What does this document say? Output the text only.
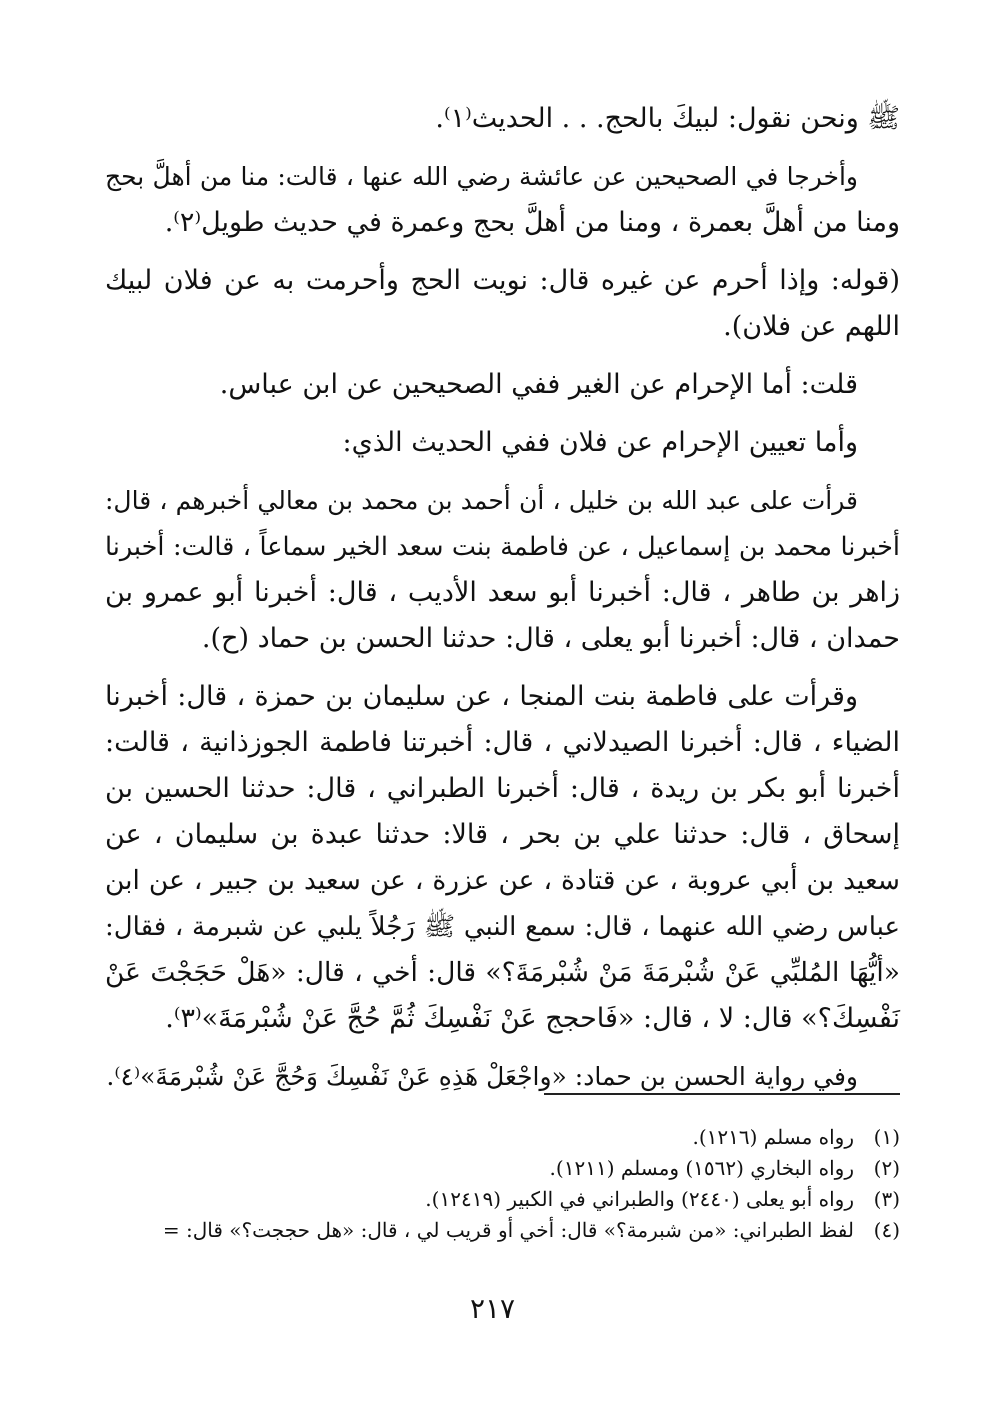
ﷺ ونحن نقول: لبيكَ بالحج. . . الحديث⁽١⁾.
وأخرجا في الصحيحين عن عائشة رضي الله عنها ، قالت: منا من أهلَّ بحج
ومنا من أهلَّ بعمرة ، ومنا من أهلَّ بحج وعمرة في حديث طويل⁽٢⁾.
(قوله: وإذا أحرم عن غيره قال: نويت الحج وأحرمت به عن فلان لبيك
اللهم عن فلان).
قلت: أما الإحرام عن الغير ففي الصحيحين عن ابن عباس.
وأما تعيين الإحرام عن فلان ففي الحديث الذي:
قرأت على عبد الله بن خليل ، أن أحمد بن محمد بن معالي أخبرهم ، قال:
أخبرنا محمد بن إسماعيل ، عن فاطمة بنت سعد الخير سماعاً ، قالت: أخبرنا
زاهر بن طاهر ، قال: أخبرنا أبو سعد الأديب ، قال: أخبرنا أبو عمرو بن
حمدان ، قال: أخبرنا أبو يعلى ، قال: حدثنا الحسن بن حماد (ح).
وقرأت على فاطمة بنت المنجا ، عن سليمان بن حمزة ، قال: أخبرنا
الضياء ، قال: أخبرنا الصيدلاني ، قال: أخبرتنا فاطمة الجوزذانية ، قالت:
أخبرنا أبو بكر بن ريدة ، قال: أخبرنا الطبراني ، قال: حدثنا الحسين بن
إسحاق ، قال: حدثنا علي بن بحر ، قالا: حدثنا عبدة بن سليمان ، عن
سعيد بن أبي عروبة ، عن قتادة ، عن عزرة ، عن سعيد بن جبير ، عن ابن
عباس رضي الله عنهما ، قال: سمع النبي ﷺ رَجُلاً يلبي عن شبرمة ، فقال:
«أيُّهَا المُلبِّي عَنْ شُبْرمَةَ مَنْ شُبْرمَةَ؟» قال: أخي ، قال: «هَلْ حَجَجْتَ عَنْ
نَفْسِكَ؟» قال: لا ، قال: «فَاحجج عَنْ نَفْسِكَ ثُمَّ حُجَّ عَنْ شُبْرمَةَ»⁽٣⁾.
وفي رواية الحسن بن حماد: «واجْعَلْ هَذِهِ عَنْ نَفْسِكَ وَحُجَّ عَنْ شُبْرمَةَ»⁽٤⁾.
(١)رواه مسلم (١٢١٦).
(٢)رواه البخاري (١٥٦٢) ومسلم (١٢١١).
(٣)رواه أبو يعلى (٢٤٤٠) والطبراني في الكبير (١٢٤١٩).
(٤)لفظ الطبراني: «من شبرمة؟» قال: أخي أو قريب لي ، قال: «هل حججت؟» قال: =
٢١٧
